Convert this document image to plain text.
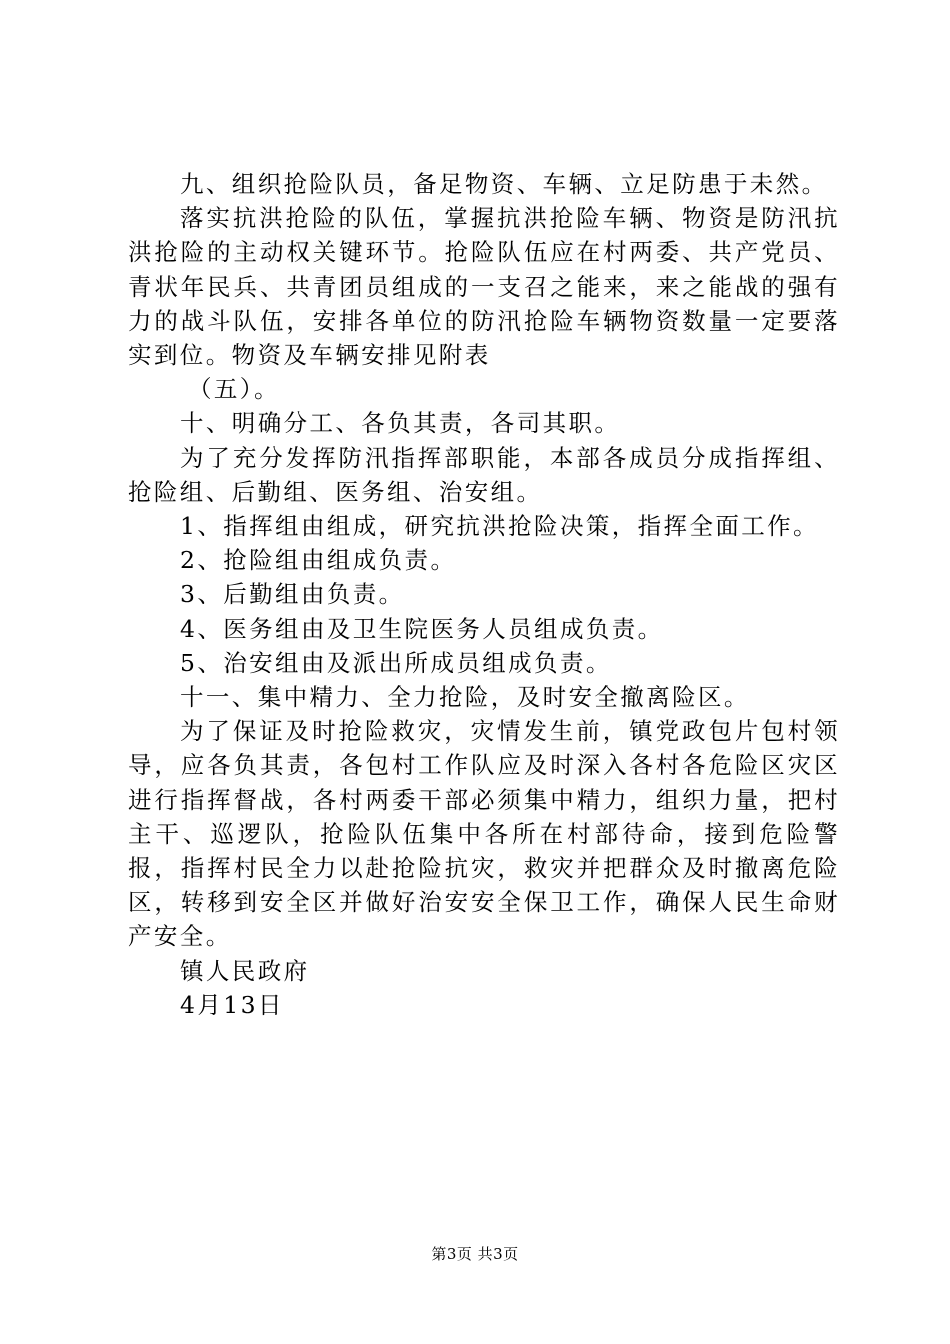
九、组织抢险队员，备足物资、车辆、立足防患于未然。

落实抗洪抢险的队伍，掌握抗洪抢险车辆、物资是防汛抗洪抢险的主动权关键环节。抢险队伍应在村两委、共产党员、青状年民兵、共青团员组成的一支召之能来，来之能战的强有力的战斗队伍，安排各单位的防汛抢险车辆物资数量一定要落实到位。物资及车辆安排见附表

（五）。

十、明确分工、各负其责，各司其职。

为了充分发挥防汛指挥部职能，本部各成员分成指挥组、抢险组、后勤组、医务组、治安组。

1、指挥组由组成，研究抗洪抢险决策，指挥全面工作。

2、抢险组由组成负责。

3、后勤组由负责。

4、医务组由及卫生院医务人员组成负责。

5、治安组由及派出所成员组成负责。

十一、集中精力、全力抢险，及时安全撤离险区。

为了保证及时抢险救灾，灾情发生前，镇党政包片包村领导，应各负其责，各包村工作队应及时深入各村各危险区灾区进行指挥督战，各村两委干部必须集中精力，组织力量，把村主干、巡逻队，抢险队伍集中各所在村部待命，接到危险警报，指挥村民全力以赴抢险抗灾，救灾并把群众及时撤离危险区，转移到安全区并做好治安安全保卫工作，确保人民生命财产安全。

镇人民政府

4月13日

第3页 共3页
